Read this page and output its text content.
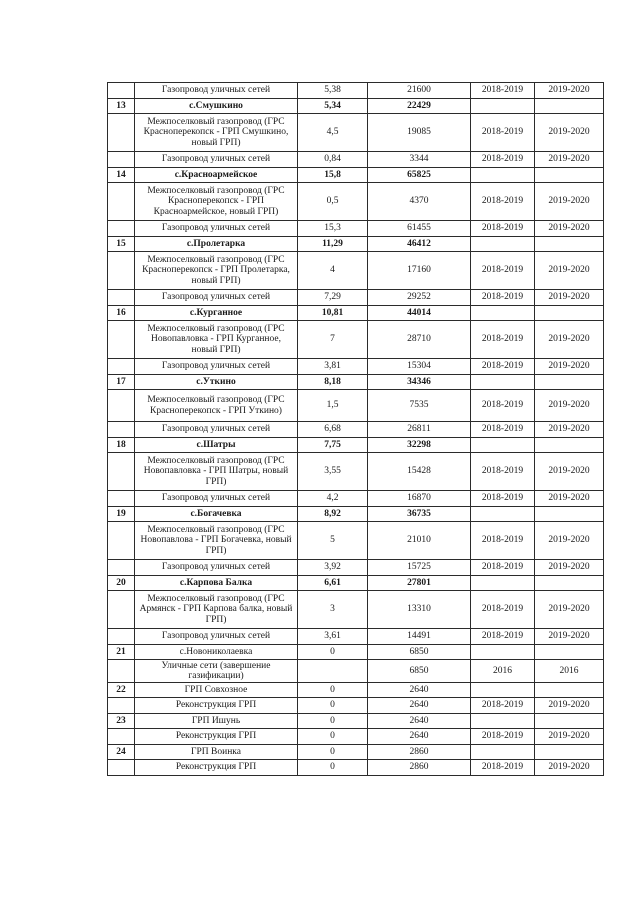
	Газопровод уличных сетей	5,38	21600	2018-2019	2019-2020
13	с.Смушкино	5,34	22429		
	Межпоселковый газопровод (ГРС Красноперекопск - ГРП Смушкино, новый ГРП)	4,5	19085	2018-2019	2019-2020
	Газопровод уличных сетей	0,84	3344	2018-2019	2019-2020
14	с.Красноармейское	15,8	65825		
	Межпоселковый газопровод (ГРС Красноперекопск - ГРП Красноармейское, новый ГРП)	0,5	4370	2018-2019	2019-2020
	Газопровод уличных сетей	15,3	61455	2018-2019	2019-2020
15	с.Пролетарка	11,29	46412		
	Межпоселковый газопровод (ГРС Красноперекопск - ГРП Пролетарка, новый ГРП)	4	17160	2018-2019	2019-2020
	Газопровод уличных сетей	7,29	29252	2018-2019	2019-2020
16	с.Курганное	10,81	44014		
	Межпоселковый газопровод (ГРС Новопавловка - ГРП Курганное, новый ГРП)	7	28710	2018-2019	2019-2020
	Газопровод уличных сетей	3,81	15304	2018-2019	2019-2020
17	с.Уткино	8,18	34346		
	Межпоселковый газопровод (ГРС Красноперекопск - ГРП Уткино)	1,5	7535	2018-2019	2019-2020
	Газопровод уличных сетей	6,68	26811	2018-2019	2019-2020
18	с.Шатры	7,75	32298		
	Межпоселковый газопровод (ГРС Новопавловка - ГРП Шатры, новый ГРП)	3,55	15428	2018-2019	2019-2020
	Газопровод уличных сетей	4,2	16870	2018-2019	2019-2020
19	с.Богачевка	8,92	36735		
	Межпоселковый газопровод (ГРС Новопавлова - ГРП Богачевка, новый ГРП)	5	21010	2018-2019	2019-2020
	Газопровод уличных сетей	3,92	15725	2018-2019	2019-2020
20	с.Карпова Балка	6,61	27801		
	Межпоселковый газопровод (ГРС Армянск - ГРП Карпова балка, новый ГРП)	3	13310	2018-2019	2019-2020
	Газопровод уличных сетей	3,61	14491	2018-2019	2019-2020
21	с.Новониколаевка	0	6850		
	Уличные сети (завершение газификации)		6850	2016	2016
22	ГРП Совхозное	0	2640		
	Реконструкция ГРП	0	2640	2018-2019	2019-2020
23	ГРП Ишунь	0	2640		
	Реконструкция ГРП	0	2640	2018-2019	2019-2020
24	ГРП Воинка	0	2860		
	Реконструкция ГРП	0	2860	2018-2019	2019-2020
